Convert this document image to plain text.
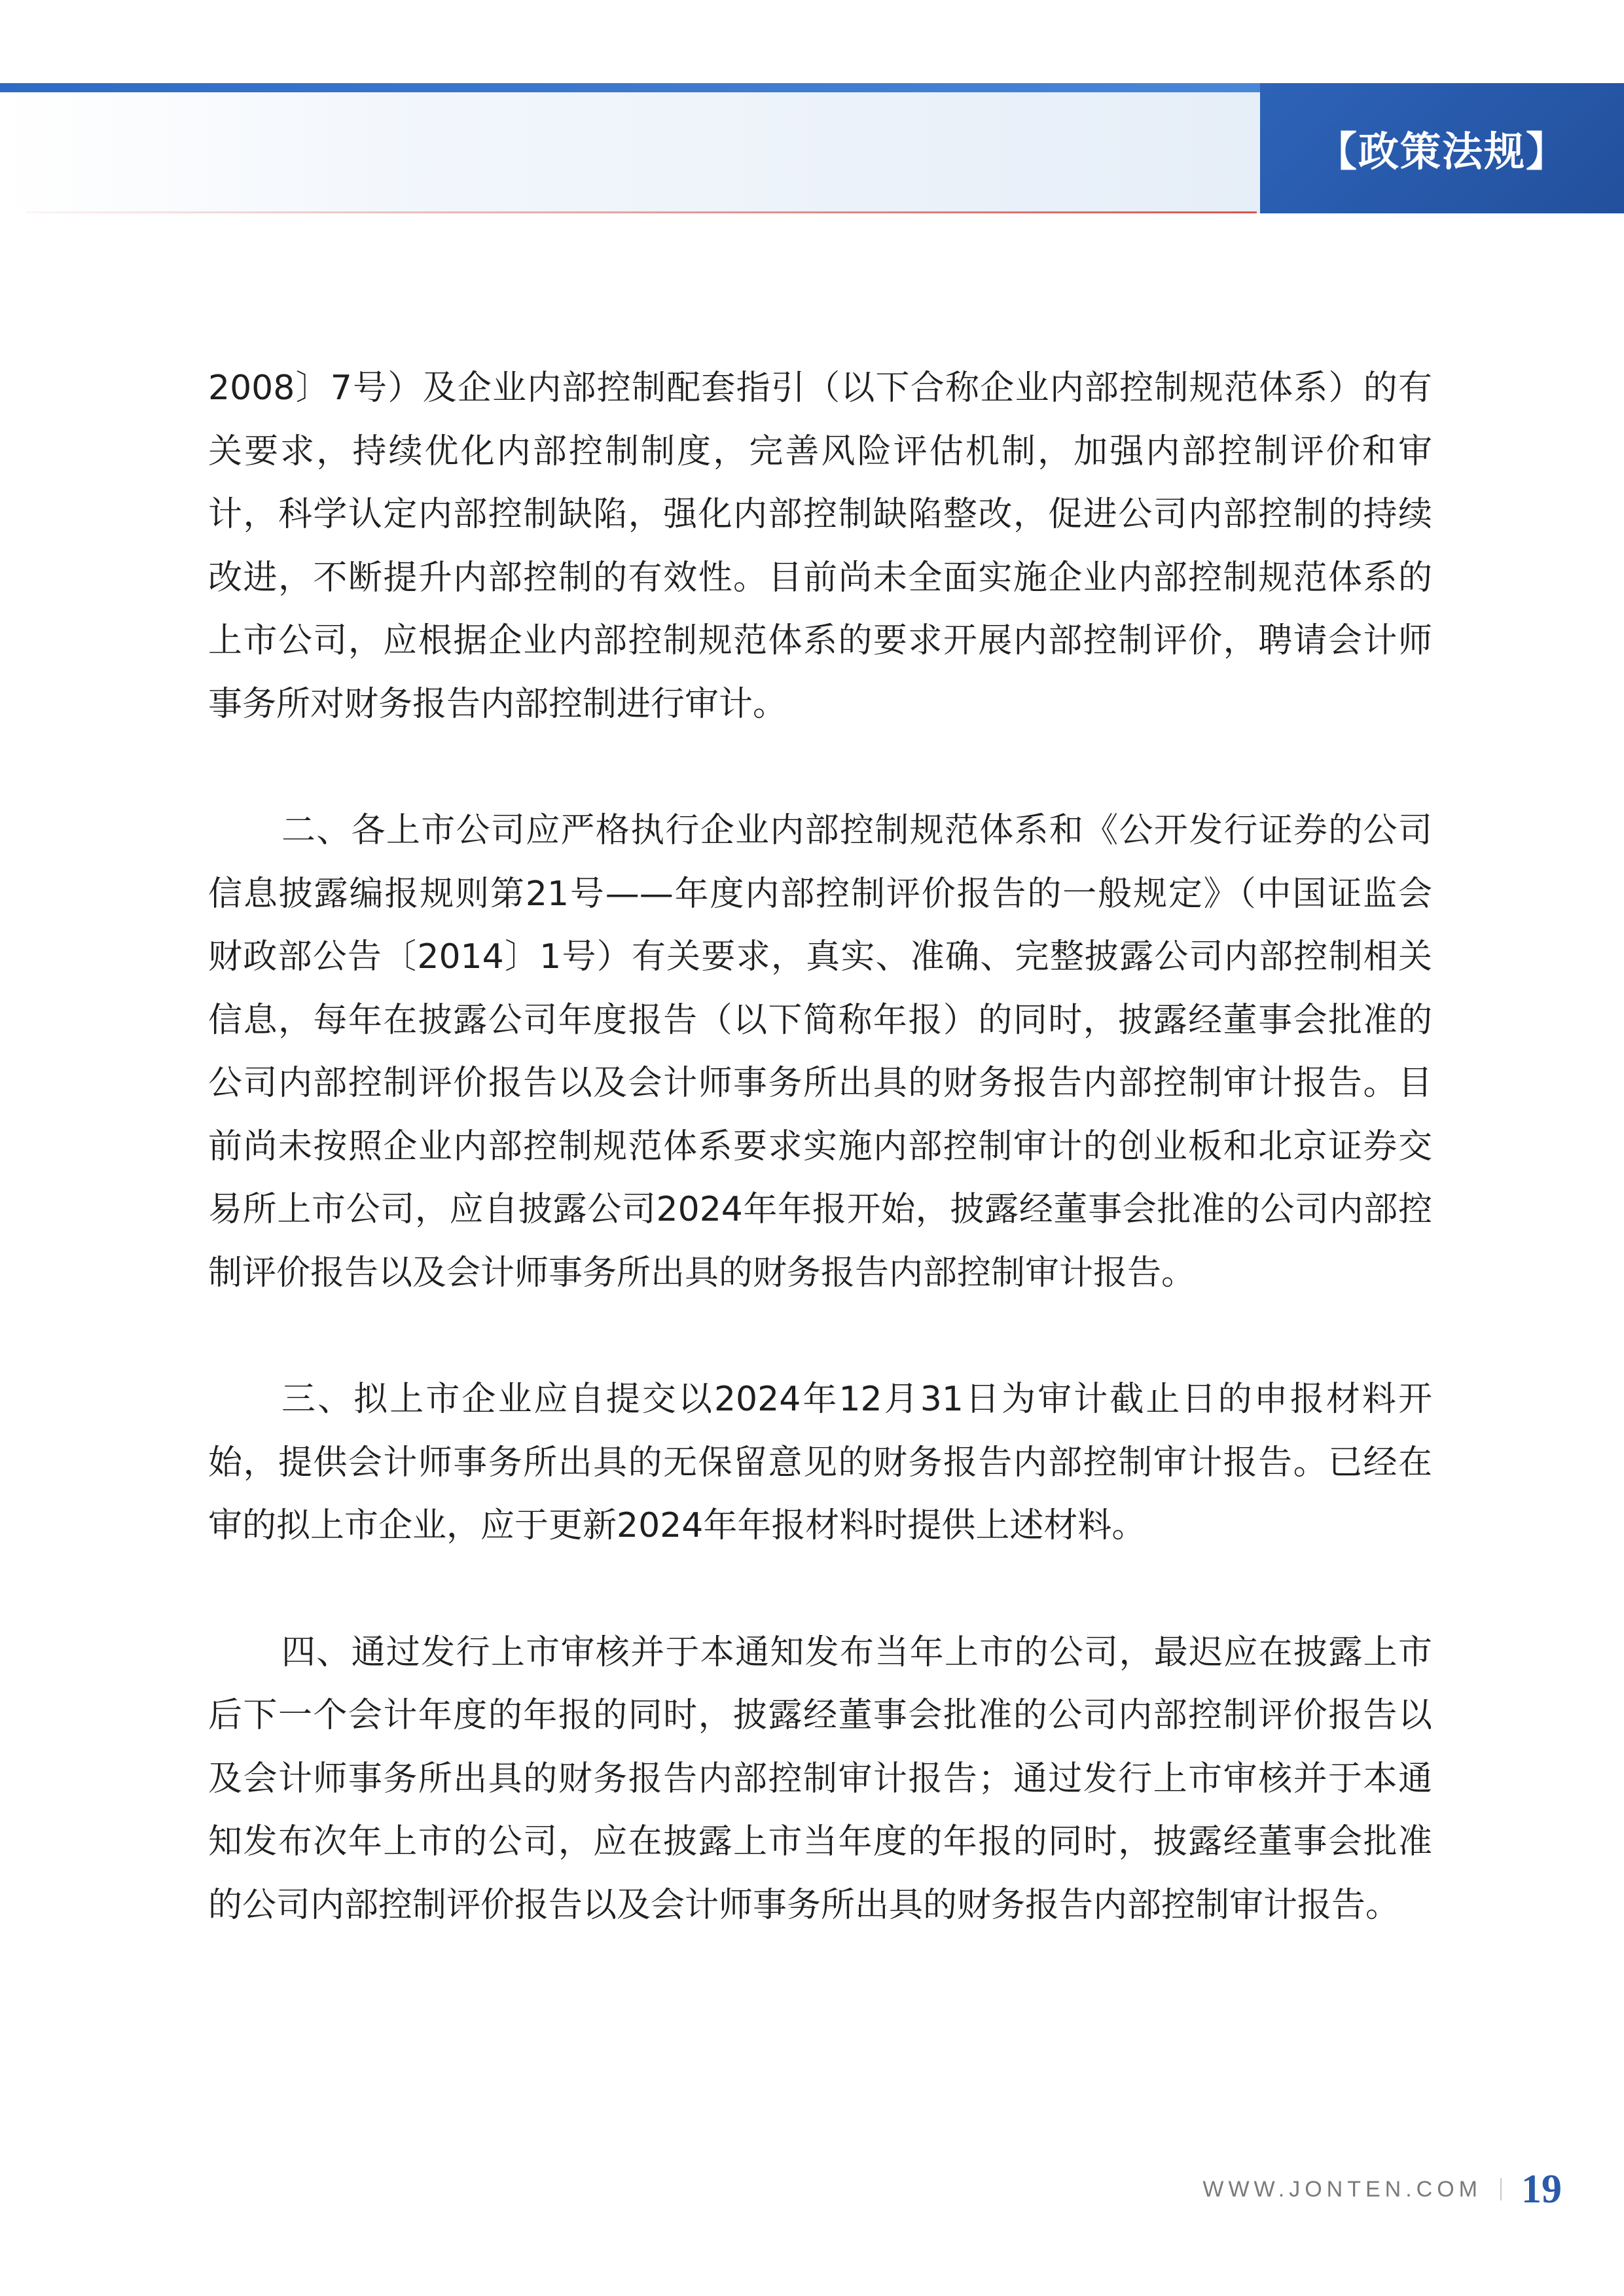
【政策法规】

2008〕7号）及企业内部控制配套指引（以下合称企业内部控制规范体系）的有关要求，持续优化内部控制制度，完善风险评估机制，加强内部控制评价和审计，科学认定内部控制缺陷，强化内部控制缺陷整改，促进公司内部控制的持续改进，不断提升内部控制的有效性。目前尚未全面实施企业内部控制规范体系的上市公司，应根据企业内部控制规范体系的要求开展内部控制评价，聘请会计师事务所对财务报告内部控制进行审计。

二、各上市公司应严格执行企业内部控制规范体系和《公开发行证券的公司信息披露编报规则第21号——年度内部控制评价报告的一般规定》（中国证监会 财政部公告〔2014〕1号）有关要求，真实、准确、完整披露公司内部控制相关信息，每年在披露公司年度报告（以下简称年报）的同时，披露经董事会批准的公司内部控制评价报告以及会计师事务所出具的财务报告内部控制审计报告。目前尚未按照企业内部控制规范体系要求实施内部控制审计的创业板和北京证券交易所上市公司，应自披露公司2024年年报开始，披露经董事会批准的公司内部控制评价报告以及会计师事务所出具的财务报告内部控制审计报告。

三、拟上市企业应自提交以2024年12月31日为审计截止日的申报材料开始，提供会计师事务所出具的无保留意见的财务报告内部控制审计报告。已经在审的拟上市企业，应于更新2024年年报材料时提供上述材料。

四、通过发行上市审核并于本通知发布当年上市的公司，最迟应在披露上市后下一个会计年度的年报的同时，披露经董事会批准的公司内部控制评价报告以及会计师事务所出具的财务报告内部控制审计报告；通过发行上市审核并于本通知发布次年上市的公司，应在披露上市当年度的年报的同时，披露经董事会批准的公司内部控制评价报告以及会计师事务所出具的财务报告内部控制审计报告。

WWW.JONTEN.COM 19
